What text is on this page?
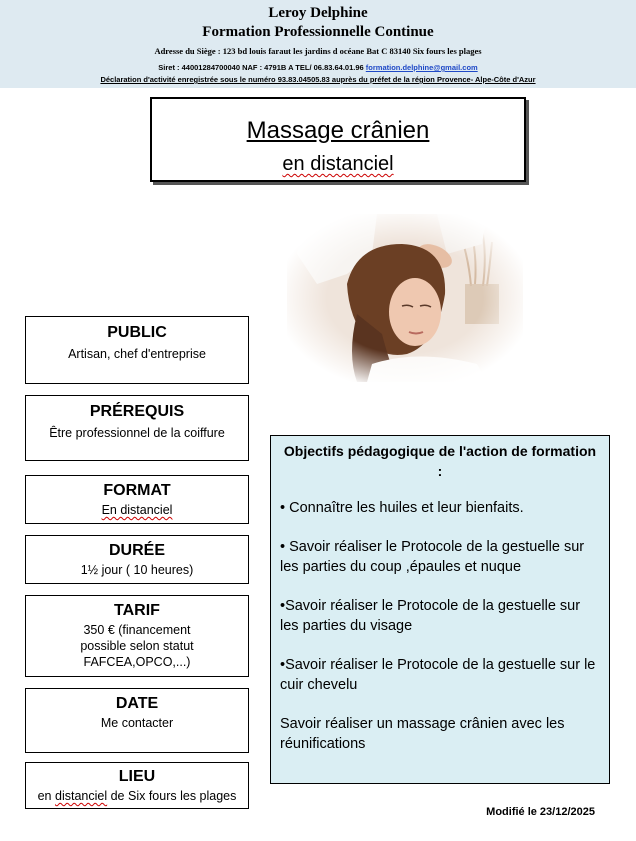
Leroy Delphine
Formation Professionnelle Continue
Adresse du Siège : 123 bd louis faraut les jardins d océane Bat C 83140 Six fours les plages
Siret : 44001284700040 NAF : 4791B A TEL/ 06.83.64.01.96 formation.delphine@gmail.com
Déclaration d'activité enregistrée sous le numéro 93.83.04505.83 auprès du préfet de la région Provence- Alpe-Côte d'Azur
Massage crânien
en distanciel
PUBLIC
Artisan, chef d'entreprise
PRÉREQUIS
Être professionnel de la coiffure
FORMAT
En distanciel
DURÉE
1½ jour ( 10 heures)
TARIF
350 € (financement
possible selon statut
FAFCEA,OPCO,...)
DATE
Me contacter
LIEU
en distanciel de Six fours les plages
Objectifs pédagogique de l'action de formation :
• Connaître les huiles et leur bienfaits.
• Savoir réaliser le Protocole de la gestuelle sur les parties du coup ,épaules et nuque
•Savoir réaliser le Protocole de la gestuelle sur les parties du visage
•Savoir réaliser le Protocole de la gestuelle sur le cuir chevelu
Savoir réaliser un massage crânien avec les réunifications
Modifié le 23/12/2025
